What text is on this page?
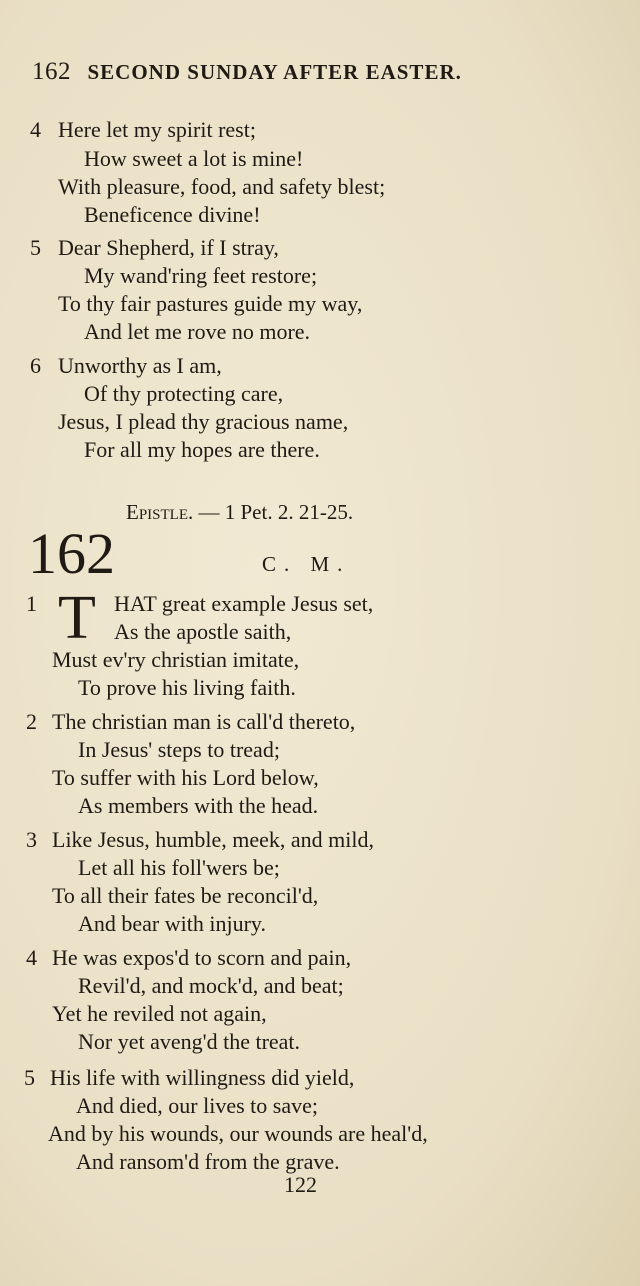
162 SECOND SUNDAY AFTER EASTER.
4 Here let my spirit rest;
How sweet a lot is mine!
With pleasure, food, and safety blest;
Beneficence divine!
5 Dear Shepherd, if I stray,
My wand'ring feet restore;
To thy fair pastures guide my way,
And let me rove no more.
6 Unworthy as I am,
Of thy protecting care,
Jesus, I plead thy gracious name,
For all my hopes are there.
Epistle. — 1 Pet. 2. 21-25.
162	C. M.
1 T HAT great example Jesus set,
As the apostle saith,
Must ev'ry christian imitate,
To prove his living faith.
2 The christian man is call'd thereto,
In Jesus' steps to tread;
To suffer with his Lord below,
As members with the head.
3 Like Jesus, humble, meek, and mild,
Let all his foll'wers be;
To all their fates be reconcil'd,
And bear with injury.
4 He was expos'd to scorn and pain,
Revil'd, and mock'd, and beat;
Yet he reviled not again,
Nor yet aveng'd the treat.
5 His life with willingness did yield,
And died, our lives to save;
And by his wounds, our wounds are heal'd,
And ransom'd from the grave.
122
